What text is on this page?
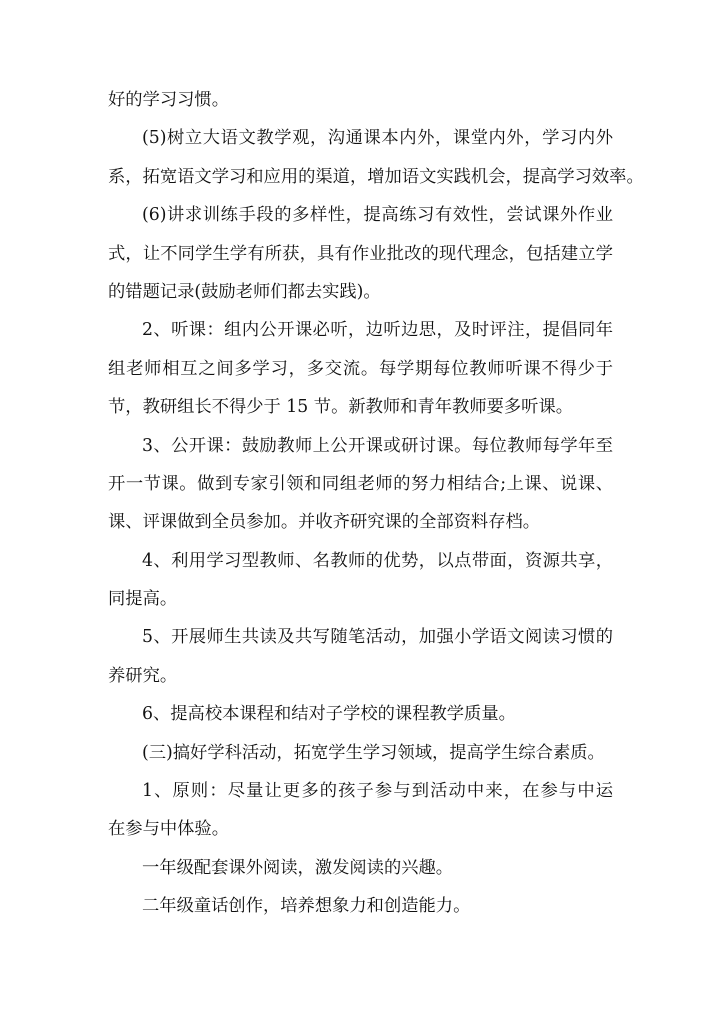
好的学习习惯。
(5)树立大语文教学观，沟通课本内外，课堂内外，学习内外
系，拓宽语文学习和应用的渠道，增加语文实践机会，提高学习效率。
(6)讲求训练手段的多样性，提高练习有效性，尝试课外作业
式，让不同学生学有所获，具有作业批改的现代理念，包括建立学
的错题记录(鼓励老师们都去实践)。
2、听课：组内公开课必听，边听边思，及时评注，提倡同年
组老师相互之间多学习，多交流。每学期每位教师听课不得少于
节，教研组长不得少于 15 节。新教师和青年教师要多听课。
3、公开课：鼓励教师上公开课或研讨课。每位教师每学年至
开一节课。做到专家引领和同组老师的努力相结合;上课、说课、
课、评课做到全员参加。并收齐研究课的全部资料存档。
4、利用学习型教师、名教师的优势，以点带面，资源共享，
同提高。
5、开展师生共读及共写随笔活动，加强小学语文阅读习惯的
养研究。
6、提高校本课程和结对子学校的课程教学质量。
(三)搞好学科活动，拓宽学生学习领域，提高学生综合素质。
1、原则：尽量让更多的孩子参与到活动中来，在参与中运
在参与中体验。
一年级配套课外阅读，激发阅读的兴趣。
二年级童话创作，培养想象力和创造能力。
